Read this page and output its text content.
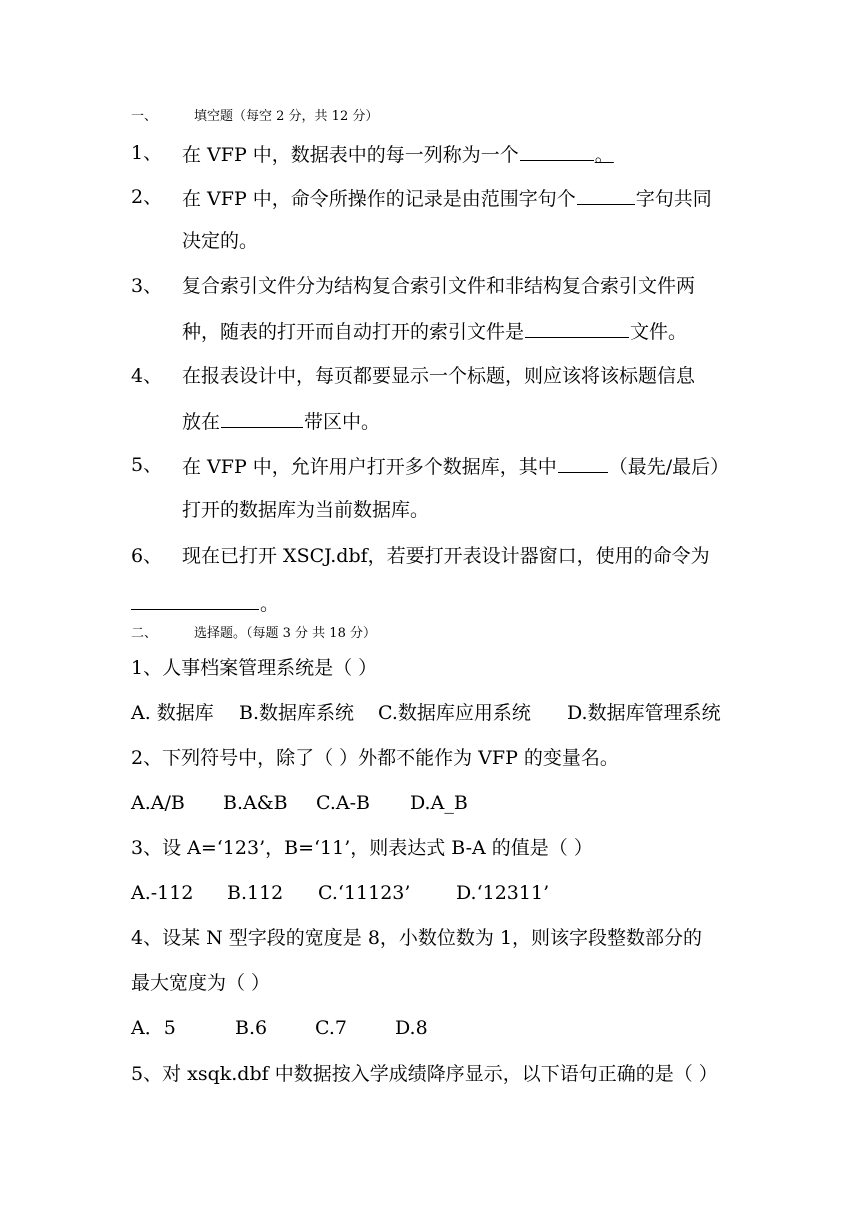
一、	填空题（每空 2 分，共 12 分）
1、 在 VFP 中，数据表中的每一列称为一个	。
2、 在 VFP 中，命令所操作的记录是由范围字句个	字句共同
决定的。
3、 复合索引文件分为结构复合索引文件和非结构复合索引文件两
种，随表的打开而自动打开的索引文件是	文件。
4、 在报表设计中，每页都要显示一个标题，则应该将该标题信息
放在	带区中。
5、 在 VFP 中，允许用户打开多个数据库，其中	（最先/最后）
打开的数据库为当前数据库。
6、 现在已打开 XSCJ.dbf，若要打开表设计器窗口，使用的命令为
。
二、	选择题。（每题 3 分 共 18 分）
1、人事档案管理系统是（ ）
A. 数据库 B.数据库系统 C.数据库应用系统 D.数据库管理系统
2、下列符号中，除了（ ）外都不能作为 VFP 的变量名。
A.A/B B.A&B C.A-B D.A_B
3、设 A=‘123’，B=‘11’，则表达式 B-A 的值是（ ）
A.-112 B.112 C.‘11123’ D.‘12311’
4、设某 N 型字段的宽度是 8，小数位数为 1，则该字段整数部分的
最大宽度为（ ）
A．5	B.6	C.7	D.8
5、对 xsqk.dbf 中数据按入学成绩降序显示，以下语句正确的是（ ）
